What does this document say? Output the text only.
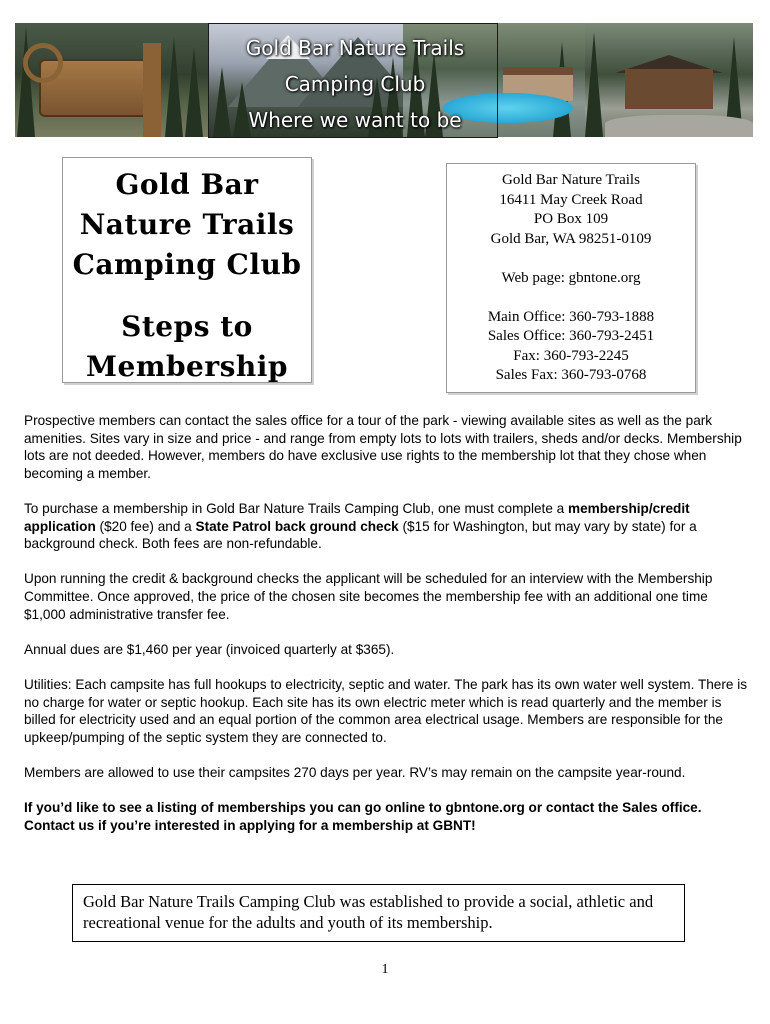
Gold Bar Nature Trails
Camping Club
Where we want to be
Gold Bar
Nature Trails
Camping Club
Steps to
Membership
Gold Bar Nature Trails
16411 May Creek Road
PO Box 109
Gold Bar, WA 98251-0109
Web page: gbntone.org
Main Office: 360-793-1888
Sales Office: 360-793-2451
Fax: 360-793-2245
Sales Fax: 360-793-0768

Prospective members can contact the sales office for a tour of the park - viewing available sites as well as the park amenities. Sites vary in size and price - and range from empty lots to lots with trailers, sheds and/or decks. Membership lots are not deeded. However, members do have exclusive use rights to the membership lot that they chose when becoming a member.

To purchase a membership in Gold Bar Nature Trails Camping Club, one must complete a membership/credit application ($20 fee) and a State Patrol back ground check ($15 for Washington, but may vary by state) for a background check. Both fees are non-refundable.

Upon running the credit & background checks the applicant will be scheduled for an interview with the Membership Committee. Once approved, the price of the chosen site becomes the membership fee with an additional one time $1,000 administrative transfer fee.

Annual dues are $1,460 per year (invoiced quarterly at $365).

Utilities: Each campsite has full hookups to electricity, septic and water. The park has its own water well system. There is no charge for water or septic hookup. Each site has its own electric meter which is read quarterly and the member is billed for electricity used and an equal portion of the common area electrical usage. Members are responsible for the upkeep/pumping of the septic system they are connected to.

Members are allowed to use their campsites 270 days per year. RV’s may remain on the campsite year-round.

If you’d like to see a listing of memberships you can go online to gbntone.org or contact the Sales office. Contact us if you’re interested in applying for a membership at GBNT!

Gold Bar Nature Trails Camping Club was established to provide a social, athletic and recreational venue for the adults and youth of its membership.
1
